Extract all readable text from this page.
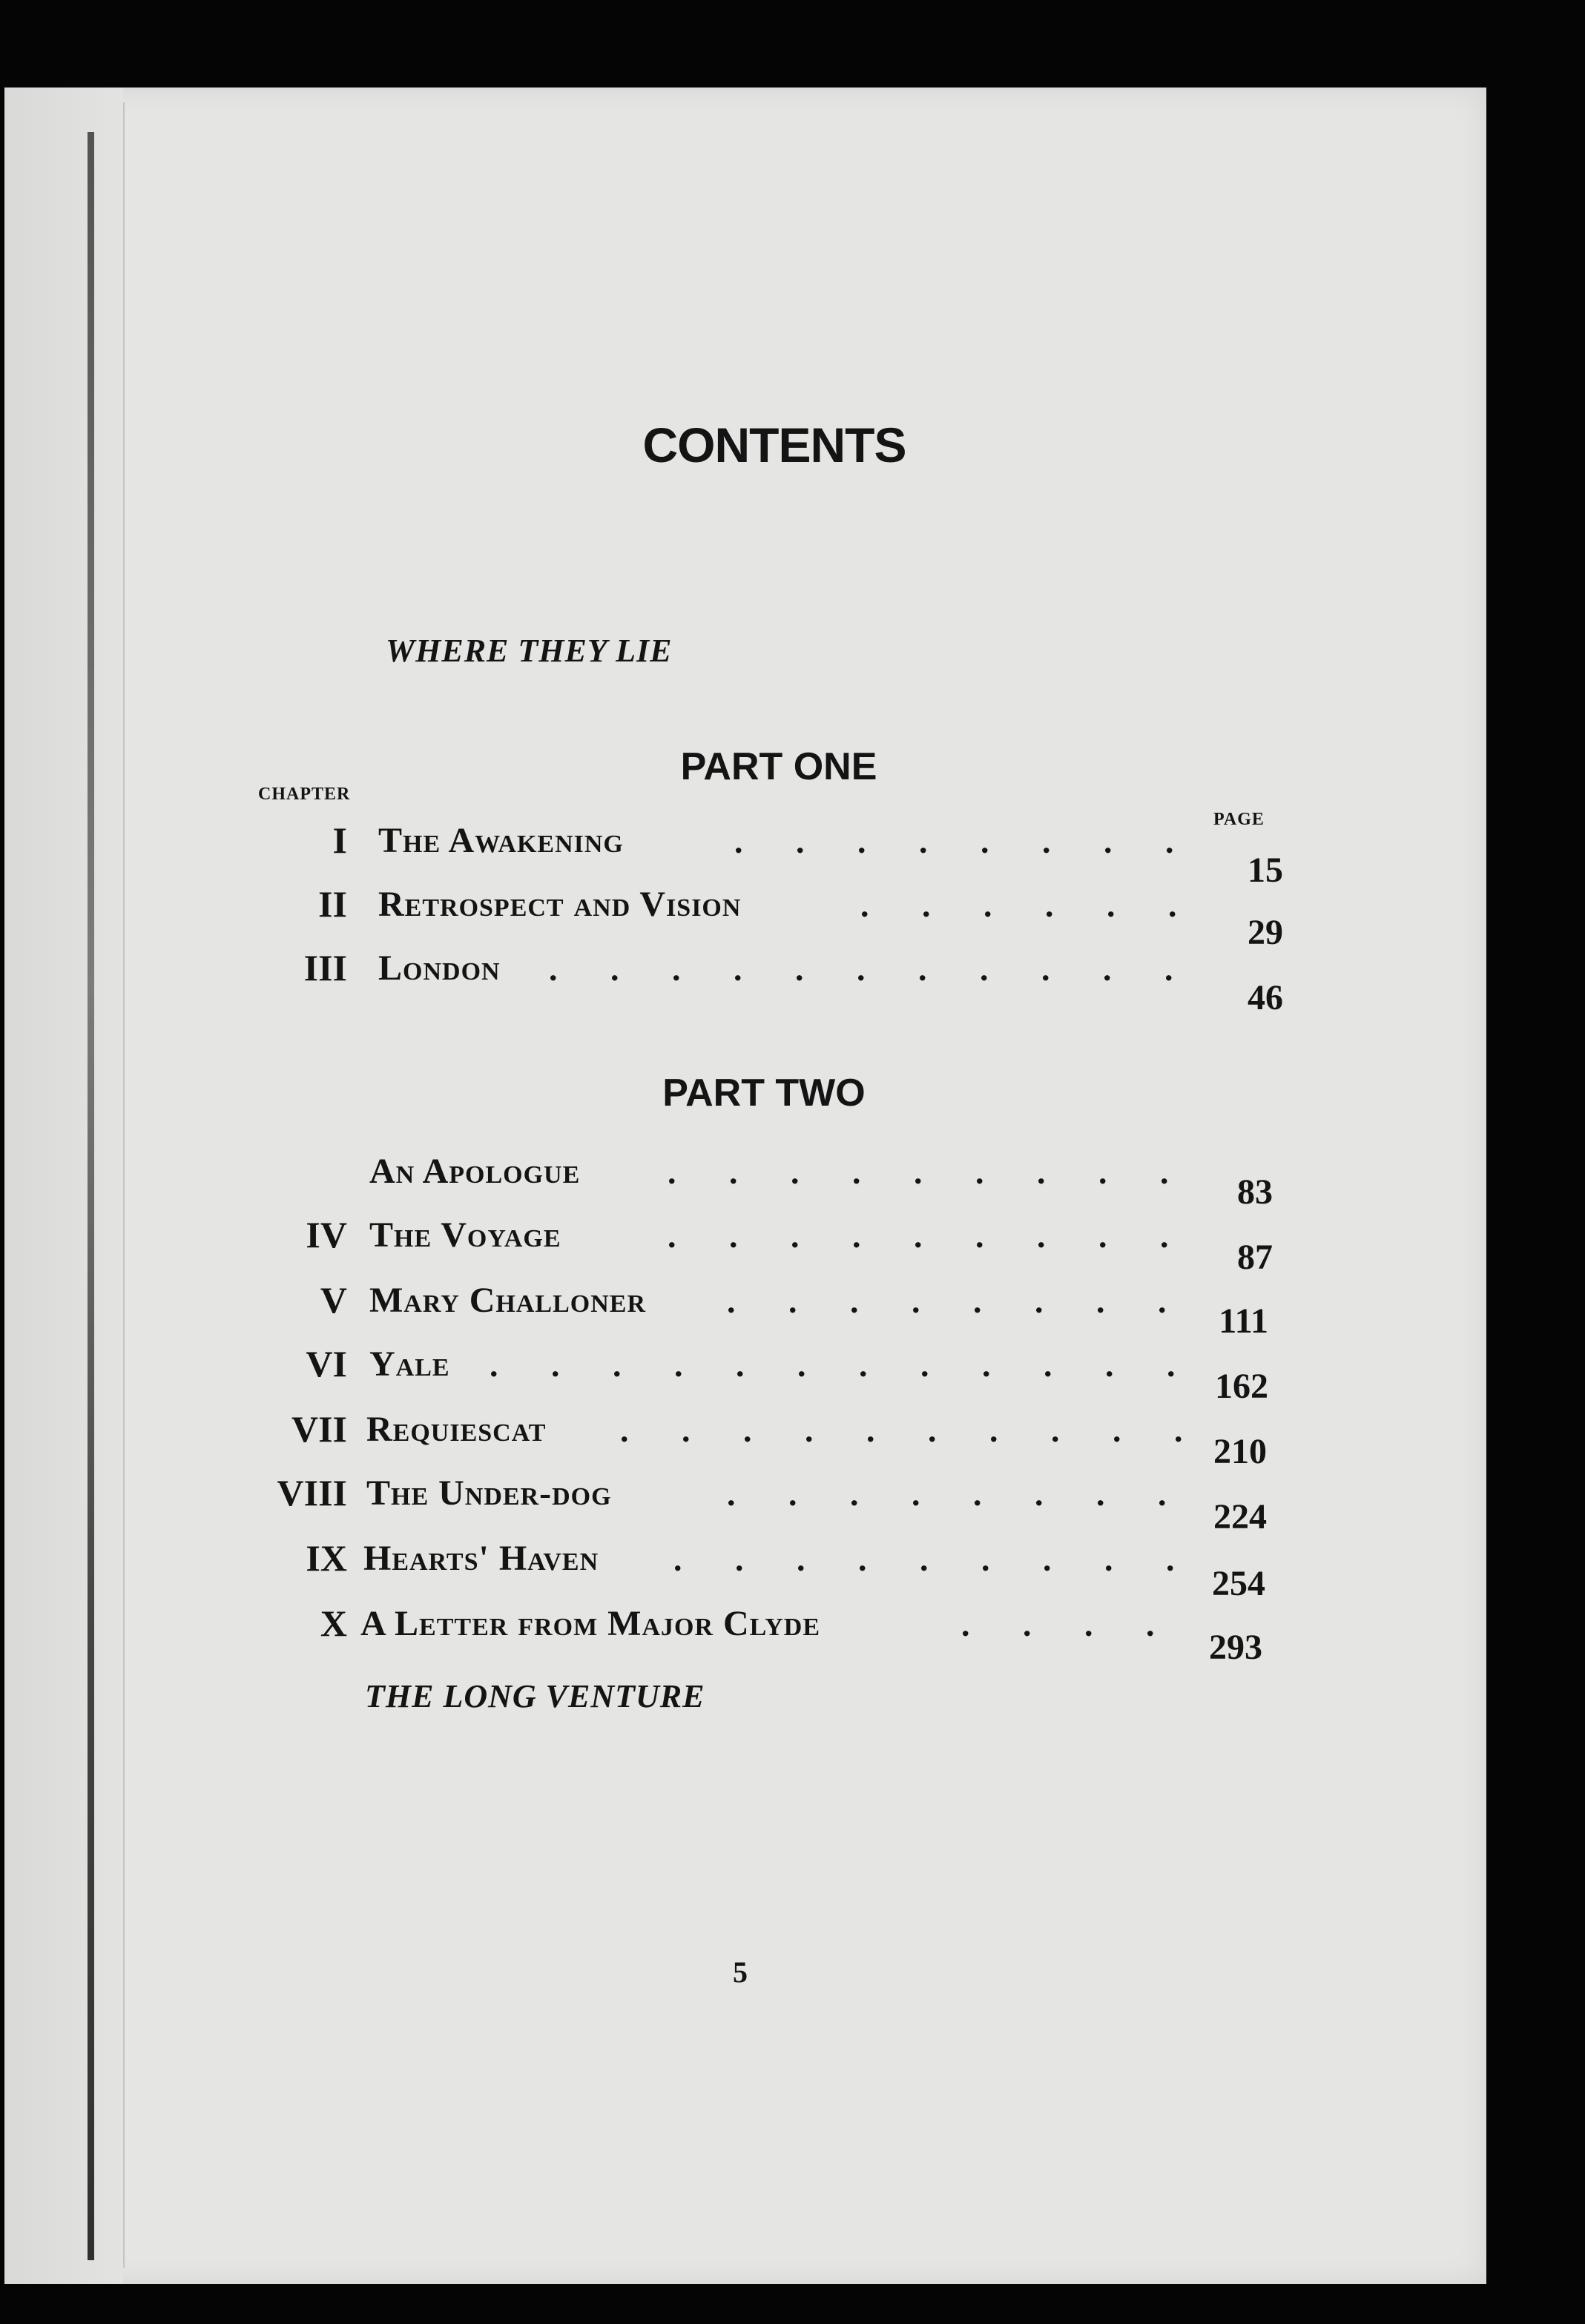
CONTENTS
WHERE THEY LIE
PART ONE
CHAPTER
PAGE
I The Awakening	. . . . . . . .
15
II Retrospect and Vision	. . . . . .
29
III London . . . . . . . . . . .
46
PART TWO
An Apologue	. . . . . . . . .
83
IV The Voyage	. . . . . . . . .
87
V Mary Challoner . . . . . . . .
111
VI Yale . . . . . . . . . . . .
162
VII Requiescat . . . . . . . . . .
210
VIII The Under-dog	. . . . . . . .
224
IX Hearts' Haven . . . . . . . . .
254
X A Letter from Major Clyde	. . . .
293
THE LONG VENTURE
5
